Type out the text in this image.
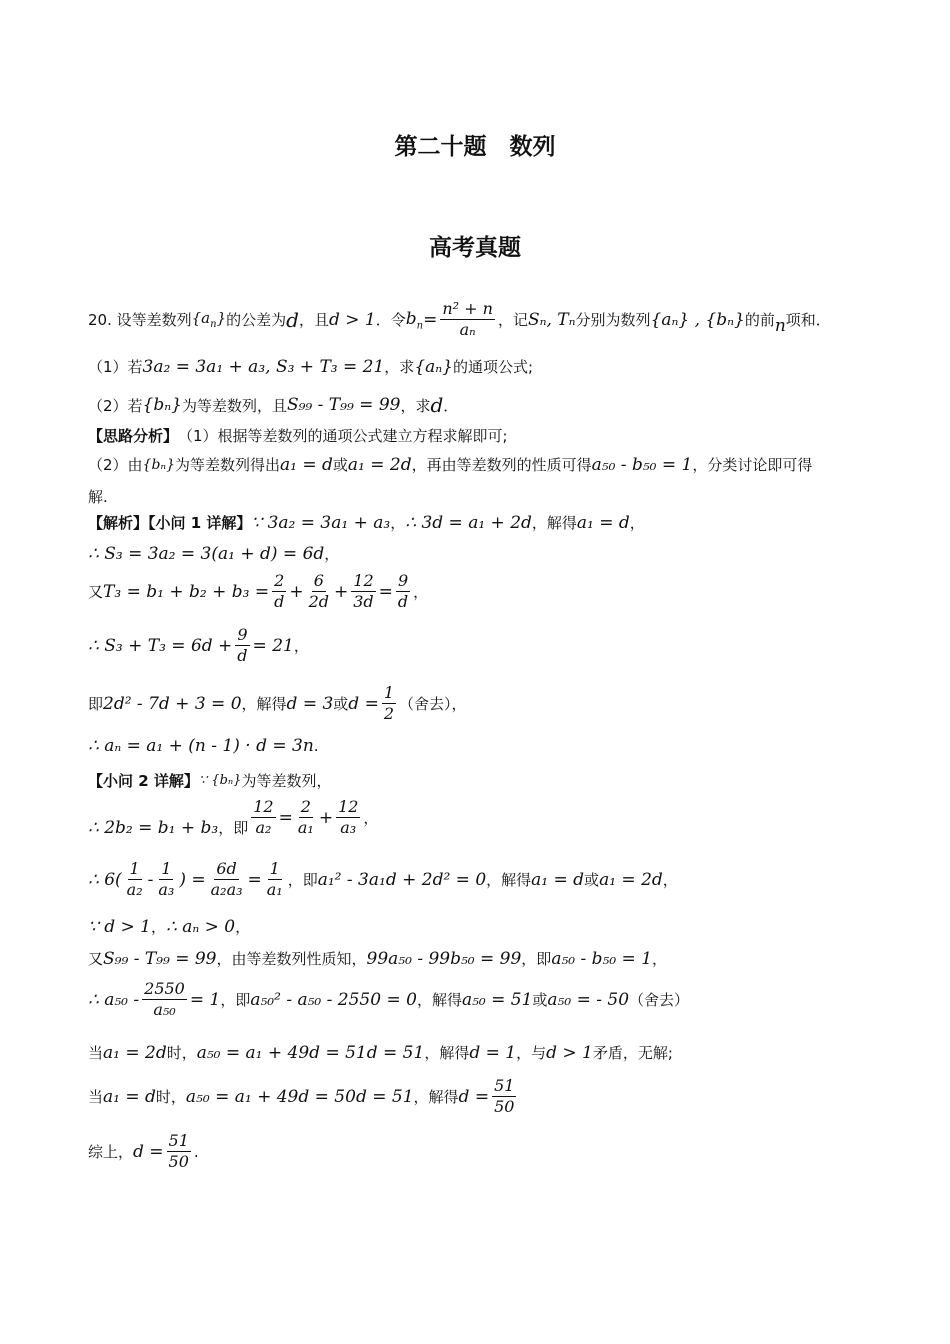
第二十题　数列
高考真题
20. 设等差数列 $\{a_n\}$ 的公差为 d ，且 d > 1 ．令 $b_n = \frac{\text{n² + n}}{\text{aₙ}}$ ，记 Sₙ, Tₙ 分别为数列 {aₙ} , {bₙ} 的前 n 项和．
（1）若 3a₂ = 3a₁ + a₃, S₃ + T₃ = 21 ，求 {aₙ} 的通项公式;
（2）若 {bₙ} 为等差数列，且 S₉₉ - T₉₉ = 99 ，求 d ．
【思路分析】 （1）根据等差数列的通项公式建立方程求解即可;
（2）由 {bₙ} 为等差数列得出 a₁ = d 或 a₁ = 2d ，再由等差数列的性质可得 a₅₀ - b₅₀ = 1 ，分类讨论即可得
解.
【解析】【小问 1 详解】 ∵ 3a₂ = 3a₁ + a₃ ， ∴ 3d = a₁ + 2d ，解得 a₁ = d ，
∴ S₃ = 3a₂ = 3(a₁ + d) = 6d ，
又 $T_3 = b_1 + b_2 + b_3 = \frac{2}{d} + \frac{6}{2d} + \frac{12}{3d} = \frac{9}{d}$ ，
∴ $S_3 + T_3 = 6d + \frac{9}{d} = 21$ ，
即 2d² - 7d + 3 = 0 ，解得 d = 3 或 $d = \frac{1}{2}$ （舍去），
∴ aₙ = a₁ + (n - 1) · d = 3n .
【小问 2 详解】 ∵ {bₙ} 为等差数列，
∴ 2b₂ = b₁ + b₃ ，即 $\frac{12}{\text{a₂}} = \frac{2}{\text{a₁}} + \frac{12}{\text{a₃}}$ ，
∴ $6( \frac{1}{\text{a₂}} - \frac{1}{\text{a₃}}$ ) = $\frac{6d}{\text{a₂a₃}} = \frac{1}{\text{a₁}}$ ，即 a₁² - 3a₁d + 2d² = 0 ，解得 a₁ = d 或 a₁ = 2d ，
∵ d > 1 ， ∴ aₙ > 0 ，
又 S₉₉ - T₉₉ = 99 ，由等差数列性质知， 99a₅₀ - 99b₅₀ = 99 ，即 a₅₀ - b₅₀ = 1 ，
∴ $a_{50} - \frac{2550}{\text{a₅₀}} = 1$ ，即 a₅₀² - a₅₀ - 2550 = 0 ，解得 a₅₀ = 51 或 a₅₀ = - 50 （舍去）
当 a₁ = 2d 时， a₅₀ = a₁ + 49d = 51d = 51 ，解得 d = 1 ，与 d > 1 矛盾，无解;
当 a₁ = d 时， a₅₀ = a₁ + 49d = 50d = 51 ，解得 $d = \frac{51}{50}$
综上， $d = \frac{51}{50}$ .
